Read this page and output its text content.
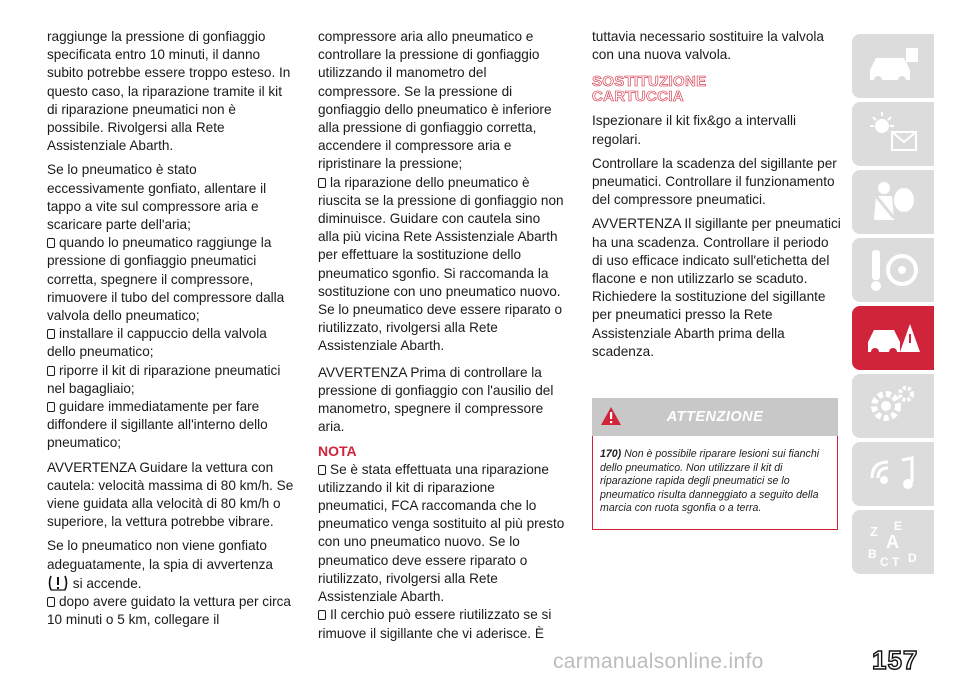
raggiunge la pressione di gonfiaggio specificata entro 10 minuti, il danno subito potrebbe essere troppo esteso. In questo caso, la riparazione tramite il kit di riparazione pneumatici non è possibile. Rivolgersi alla Rete Assistenziale Abarth.

Se lo pneumatico è stato eccessivamente gonfiato, allentare il tappo a vite sul compressore aria e scaricare parte dell'aria;
quando lo pneumatico raggiunge la pressione di gonfiaggio pneumatici corretta, spegnere il compressore, rimuovere il tubo del compressore dalla valvola dello pneumatico;
installare il cappuccio della valvola dello pneumatico;
riporre il kit di riparazione pneumatici nel bagagliaio;
guidare immediatamente per fare diffondere il sigillante all'interno dello pneumatico;

AVVERTENZA Guidare la vettura con cautela: velocità massima di 80 km/h. Se viene guidata alla velocità di 80 km/h o superiore, la vettura potrebbe vibrare.

Se lo pneumatico non viene gonfiato adeguatamente, la spia di avvertenza
si accende.
dopo avere guidato la vettura per circa 10 minuti o 5 km, collegare il

compressore aria allo pneumatico e controllare la pressione di gonfiaggio utilizzando il manometro del compressore. Se la pressione di gonfiaggio dello pneumatico è inferiore alla pressione di gonfiaggio corretta, accendere il compressore aria e ripristinare la pressione;
la riparazione dello pneumatico è riuscita se la pressione di gonfiaggio non diminuisce. Guidare con cautela sino alla più vicina Rete Assistenziale Abarth per effettuare la sostituzione dello pneumatico sgonfio. Si raccomanda la sostituzione con uno pneumatico nuovo. Se lo pneumatico deve essere riparato o riutilizzato, rivolgersi alla Rete Assistenziale Abarth.

AVVERTENZA Prima di controllare la pressione di gonfiaggio con l'ausilio del manometro, spegnere il compressore aria.

NOTA
Se è stata effettuata una riparazione utilizzando il kit di riparazione pneumatici, FCA raccomanda che lo pneumatico venga sostituito al più presto con uno pneumatico nuovo. Se lo pneumatico deve essere riparato o riutilizzato, rivolgersi alla Rete Assistenziale Abarth.
Il cerchio può essere riutilizzato se si rimuove il sigillante che vi aderisce. È

tuttavia necessario sostituire la valvola con una nuova valvola.

SOSTITUZIONE
CARTUCCIA

Ispezionare il kit fix&go a intervalli regolari.

Controllare la scadenza del sigillante per pneumatici. Controllare il funzionamento del compressore pneumatici.

AVVERTENZA Il sigillante per pneumatici ha una scadenza. Controllare il periodo di uso efficace indicato sull'etichetta del flacone e non utilizzarlo se scaduto. Richiedere la sostituzione del sigillante per pneumatici presso la Rete Assistenziale Abarth prima della scadenza.

ATTENZIONE
170) Non è possibile riparare lesioni sui fianchi dello pneumatico. Non utilizzare il kit di riparazione rapida degli pneumatici se lo pneumatico risulta danneggiato a seguito della marcia con ruota sgonfia o a terra.
Z E
A
B
C T D
carmanualsonline.info	157
